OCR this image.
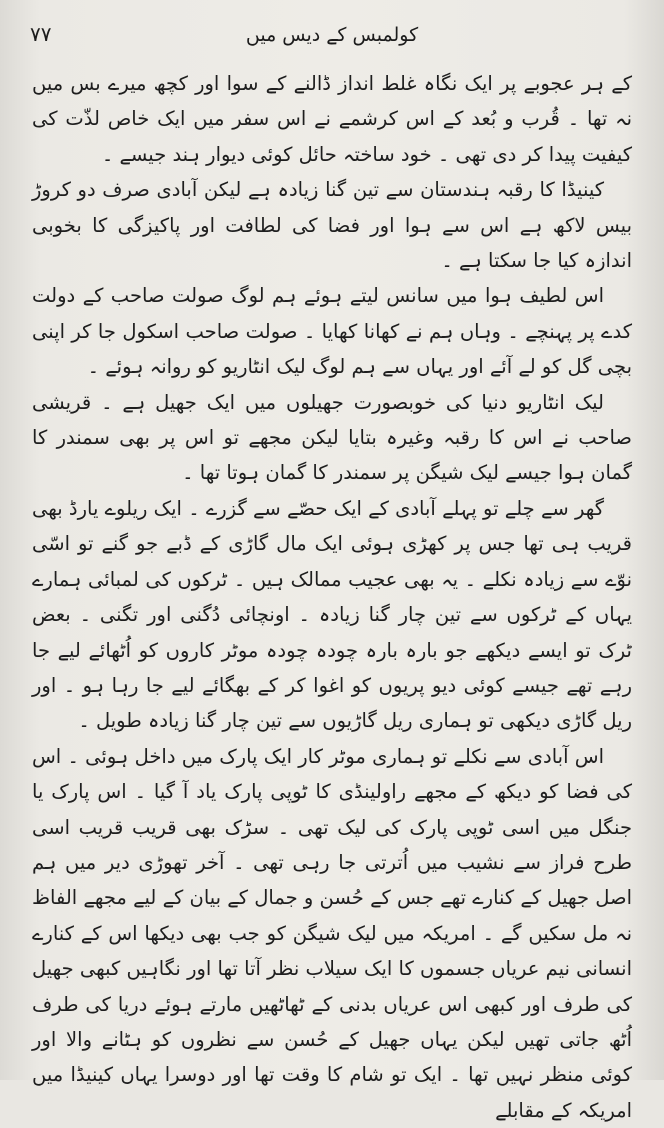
کولمبس کے دیس میں
۷۷

کے ہر عجوبے پر ایک نگاہ غلط انداز ڈالنے کے سوا اور کچھ میرے بس میں نہ تھا ۔ قُرب و بُعد کے اس کرشمے نے اس سفر میں ایک خاص لذّت کی کیفیت پیدا کر دی تھی ۔ خود ساختہ حائل کوئی دیوار ہند جیسے ۔

کینیڈا کا رقبہ ہندستان سے تین گنا زیادہ ہے لیکن آبادی صرف دو کروڑ بیس لاکھ ہے اس سے ہوا اور فضا کی لطافت اور پاکیزگی کا بخوبی اندازہ کیا جا سکتا ہے ۔

اس لطیف ہوا میں سانس لیتے ہوئے ہم لوگ صولت صاحب کے دولت کدے پر پہنچے ۔ وہاں ہم نے کھانا کھایا ۔ صولت صاحب اسکول جا کر اپنی بچی گل کو لے آئے اور یہاں سے ہم لوگ لیک انٹاریو کو روانہ ہوئے ۔

لیک انٹاریو دنیا کی خوبصورت جھیلوں میں ایک جھیل ہے ۔ قریشی صاحب نے اس کا رقبہ وغیرہ بتایا لیکن مجھے تو اس پر بھی سمندر کا گمان ہوا جیسے لیک شیگن پر سمندر کا گمان ہوتا تھا ۔

گھر سے چلے تو پہلے آبادی کے ایک حصّے سے گزرے ۔ ایک ریلوے یارڈ بھی قریب ہی تھا جس پر کھڑی ہوئی ایک مال گاڑی کے ڈبے جو گنے تو اسّی نوّے سے زیادہ نکلے ۔ یہ بھی عجیب ممالک ہیں ۔ ٹرکوں کی لمبائی ہمارے یہاں کے ٹرکوں سے تین چار گنا زیادہ ۔ اونچائی دُگنی اور تگنی ۔ بعض ٹرک تو ایسے دیکھے جو بارہ بارہ چودہ چودہ موٹر کاروں کو اُٹھائے لیے جا رہے تھے جیسے کوئی دیو پریوں کو اغوا کر کے بھگائے لیے جا رہا ہو ۔ اور ریل گاڑی دیکھی تو ہماری ریل گاڑیوں سے تین چار گنا زیادہ طویل ۔

اس آبادی سے نکلے تو ہماری موٹر کار ایک پارک میں داخل ہوئی ۔ اس کی فضا کو دیکھ کے مجھے راولینڈی کا ٹوپی پارک یاد آ گیا ۔ اس پارک یا جنگل میں اسی ٹوپی پارک کی لیک تھی ۔ سڑک بھی قریب قریب اسی طرح فراز سے نشیب میں اُترتی جا رہی تھی ۔ آخر تھوڑی دیر میں ہم اصل جھیل کے کنارے تھے جس کے حُسن و جمال کے بیان کے لیے مجھے الفاظ نہ مل سکیں گے ۔ امریکہ میں لیک شیگن کو جب بھی دیکھا اس کے کنارے انسانی نیم عریاں جسموں کا ایک سیلاب نظر آتا تھا اور نگاہیں کبھی جھیل کی طرف اور کبھی اس عریاں بدنی کے ٹھاٹھیں مارتے ہوئے دریا کی طرف اُٹھ جاتی تھیں لیکن یہاں جھیل کے حُسن سے نظروں کو ہٹانے والا اور کوئی منظر نہیں تھا ۔ ایک تو شام کا وقت تھا اور دوسرا یہاں کینیڈا میں امریکہ کے مقابلے
